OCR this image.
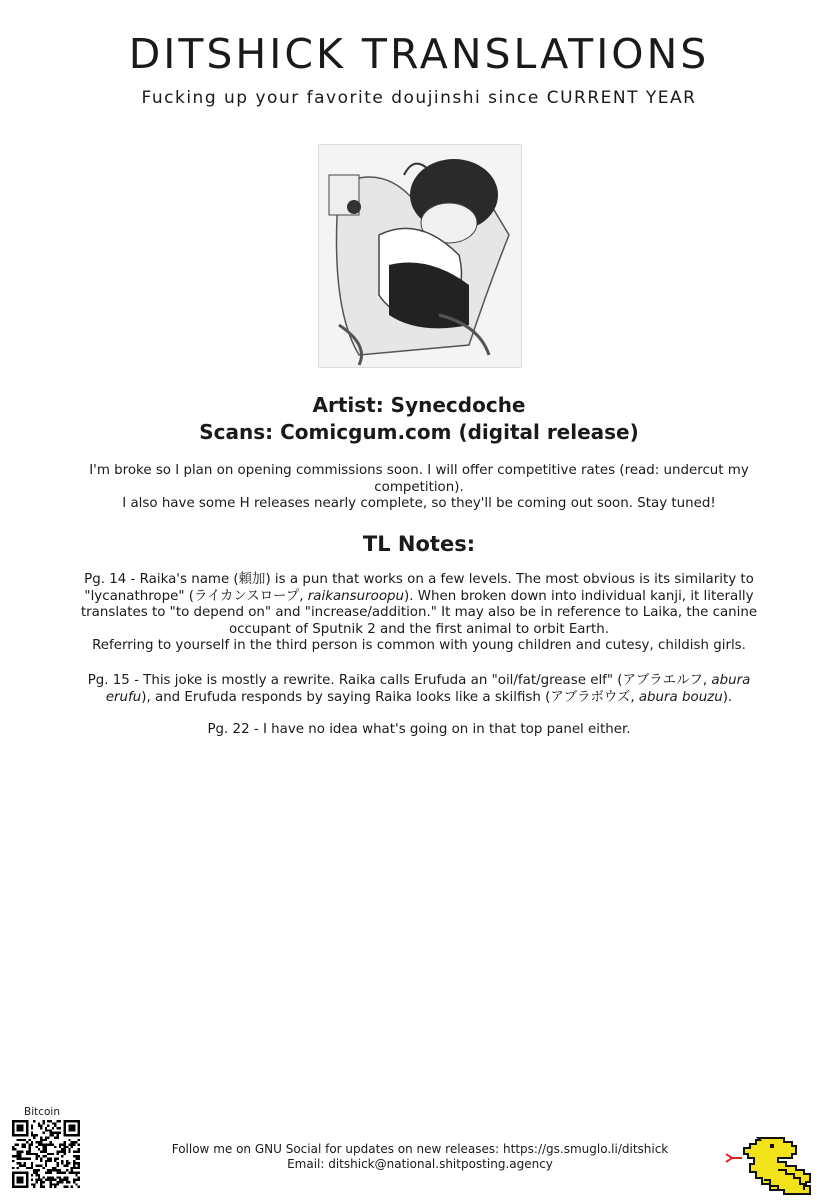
DITSHICK TRANSLATIONS
Fucking up your favorite doujinshi since CURRENT YEAR
Artist: Synecdoche
Scans: Comicgum.com (digital release)

I'm broke so I plan on opening commissions soon. I will offer competitive rates (read: undercut my competition).

I also have some H releases nearly complete, so they'll be coming out soon. Stay tuned!

TL Notes:

Pg. 14 - Raika's name (頼加) is a pun that works on a few levels. The most obvious is its similarity to "lycanathrope" (ライカンスロープ, raikansuroopu). When broken down into individual kanji, it literally translates to "to depend on" and "increase/addition." It may also be in reference to Laika, the canine occupant of Sputnik 2 and the first animal to orbit Earth.

Referring to yourself in the third person is common with young children and cutesy, childish girls.

Pg. 15 - This joke is mostly a rewrite. Raika calls Erufuda an "oil/fat/grease elf" (アブラエルフ, abura erufu), and Erufuda responds by saying Raika looks like a skilfish (アブラボウズ, abura bouzu).

Pg. 22 - I have no idea what's going on in that top panel either.

Bitcoin
Follow me on GNU Social for updates on new releases: https://gs.smuglo.li/ditshick
Email: ditshick@national.shitposting.agency
